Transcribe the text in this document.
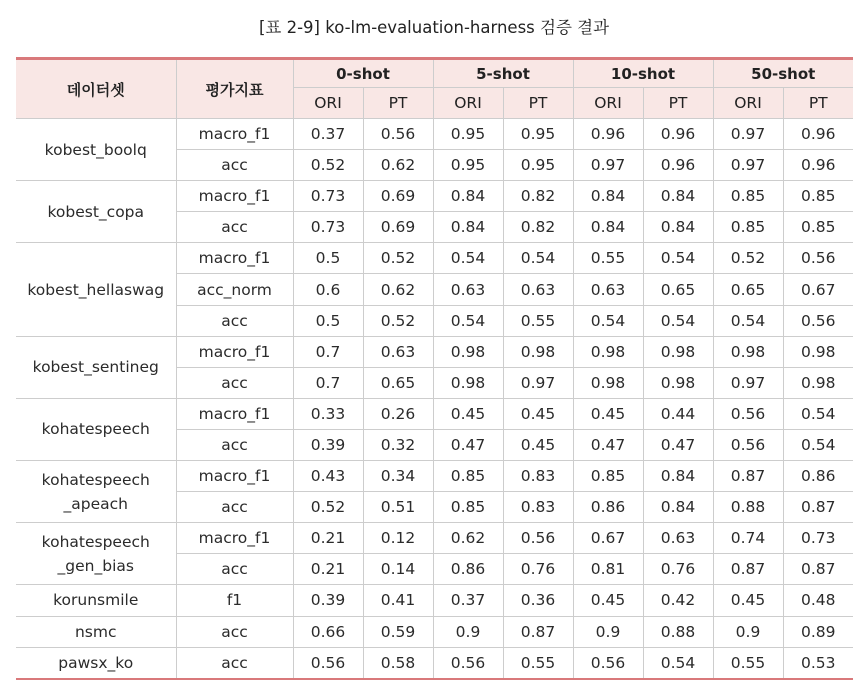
[표 2-9] ko-lm-evaluation-harness 검증 결과
데이터셋	평가지표	0-shot		5-shot		10-shot		50-shot	
		ORI	PT	ORI	PT	ORI	PT	ORI	PT

kobest_boolq	macro_f1	0.37	0.56	0.95	0.95	0.96	0.96	0.97	0.96
	acc	0.52	0.62	0.95	0.95	0.97	0.96	0.97	0.96

kobest_copa	macro_f1	0.73	0.69	0.84	0.82	0.84	0.84	0.85	0.85
	acc	0.73	0.69	0.84	0.82	0.84	0.84	0.85	0.85

kobest_hellaswag	macro_f1	0.5	0.52	0.54	0.54	0.55	0.54	0.52	0.56
	acc_norm	0.6	0.62	0.63	0.63	0.63	0.65	0.65	0.67
	acc	0.5	0.52	0.54	0.55	0.54	0.54	0.54	0.56

kobest_sentineg	macro_f1	0.7	0.63	0.98	0.98	0.98	0.98	0.98	0.98
	acc	0.7	0.65	0.98	0.97	0.98	0.98	0.97	0.98

kohatespeech	macro_f1	0.33	0.26	0.45	0.45	0.45	0.44	0.56	0.54
	acc	0.39	0.32	0.47	0.45	0.47	0.47	0.56	0.54

kohatespeech
_apeach	macro_f1	0.43	0.34	0.85	0.83	0.85	0.84	0.87	0.86
	acc	0.52	0.51	0.85	0.83	0.86	0.84	0.88	0.87

kohatespeech
_gen_bias	macro_f1	0.21	0.12	0.62	0.56	0.67	0.63	0.74	0.73
	acc	0.21	0.14	0.86	0.76	0.81	0.76	0.87	0.87

korunsmile	f1	0.39	0.41	0.37	0.36	0.45	0.42	0.45	0.48

nsmc	acc	0.66	0.59	0.9	0.87	0.9	0.88	0.9	0.89

pawsx_ko	acc	0.56	0.58	0.56	0.55	0.56	0.54	0.55	0.53
